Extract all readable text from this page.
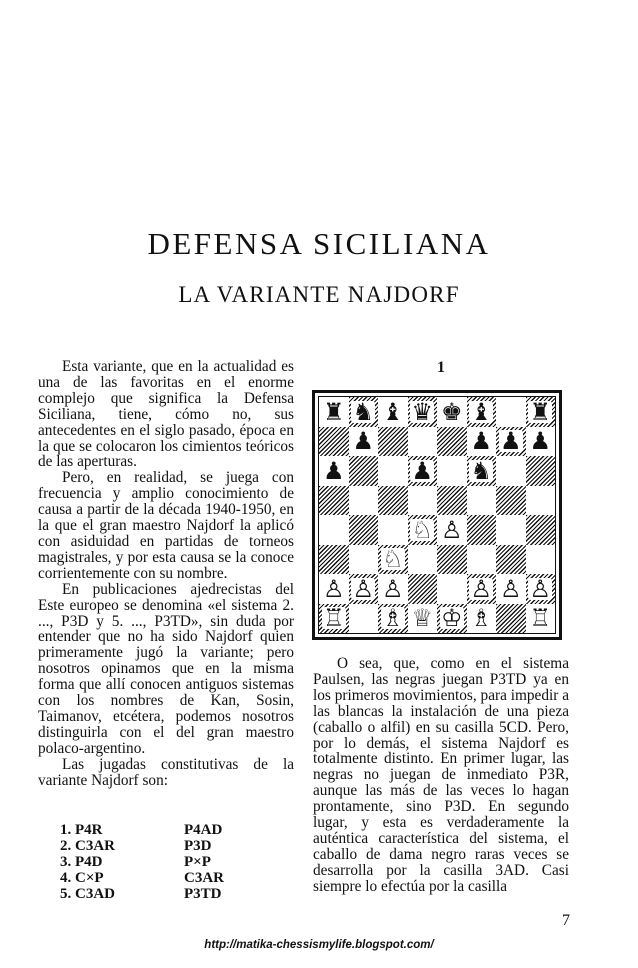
DEFENSA SICILIANA
LA VARIANTE NAJDORF

Esta variante, que en la actualidad es una de las favoritas en el enorme complejo que significa la Defensa Siciliana, tiene, cómo no, sus antecedentes en el siglo pasado, época en la que se colocaron los cimientos teóricos de las aperturas.

Pero, en realidad, se juega con frecuencia y amplio conocimiento de causa a partir de la década 1940-1950, en la que el gran maestro Najdorf la aplicó con asiduidad en partidas de torneos magistrales, y por esta causa se la conoce corrientemente con su nombre.

En publicaciones ajedrecistas del Este europeo se denomina «el sistema 2. ..., P3D y 5. ..., P3TD», sin duda por entender que no ha sido Najdorf quien primeramente jugó la variante; pero nosotros opinamos que en la misma forma que allí conocen antiguos sistemas con los nombres de Kan, Sosin, Taimanov, etcétera, podemos nosotros distinguirla con el del gran maestro polaco-argentino.

Las jugadas constitutivas de la variante Najdorf son:

1. P4R	P4AD
2. C3AR	P3D
3. P4D	P×P
4. C×P	C3AR
5. C3AD	P3TD
1
♜ ♞ ♝ ♛ ♚ ♝ ♜
♟	♟ ♟ ♟
♟	♟ ♞
♘ ♙
♘
♙ ♙ ♙	♙ ♙ ♙
♖ ♗ ♕ ♔ ♗ ♖

O sea, que, como en el sistema Paulsen, las negras juegan P3TD ya en los primeros movimientos, para impedir a las blancas la instalación de una pieza (caballo o alfil) en su casilla 5CD. Pero, por lo demás, el sistema Najdorf es totalmente distinto. En primer lugar, las negras no juegan de inmediato P3R, aunque las más de las veces lo hagan prontamente, sino P3D. En segundo lugar, y esta es verdaderamente la auténtica característica del sistema, el caballo de dama negro raras veces se desarrolla por la casilla 3AD. Casi siempre lo efectúa por la casilla

7
http://matika-chessismylife.blogspot.com/
